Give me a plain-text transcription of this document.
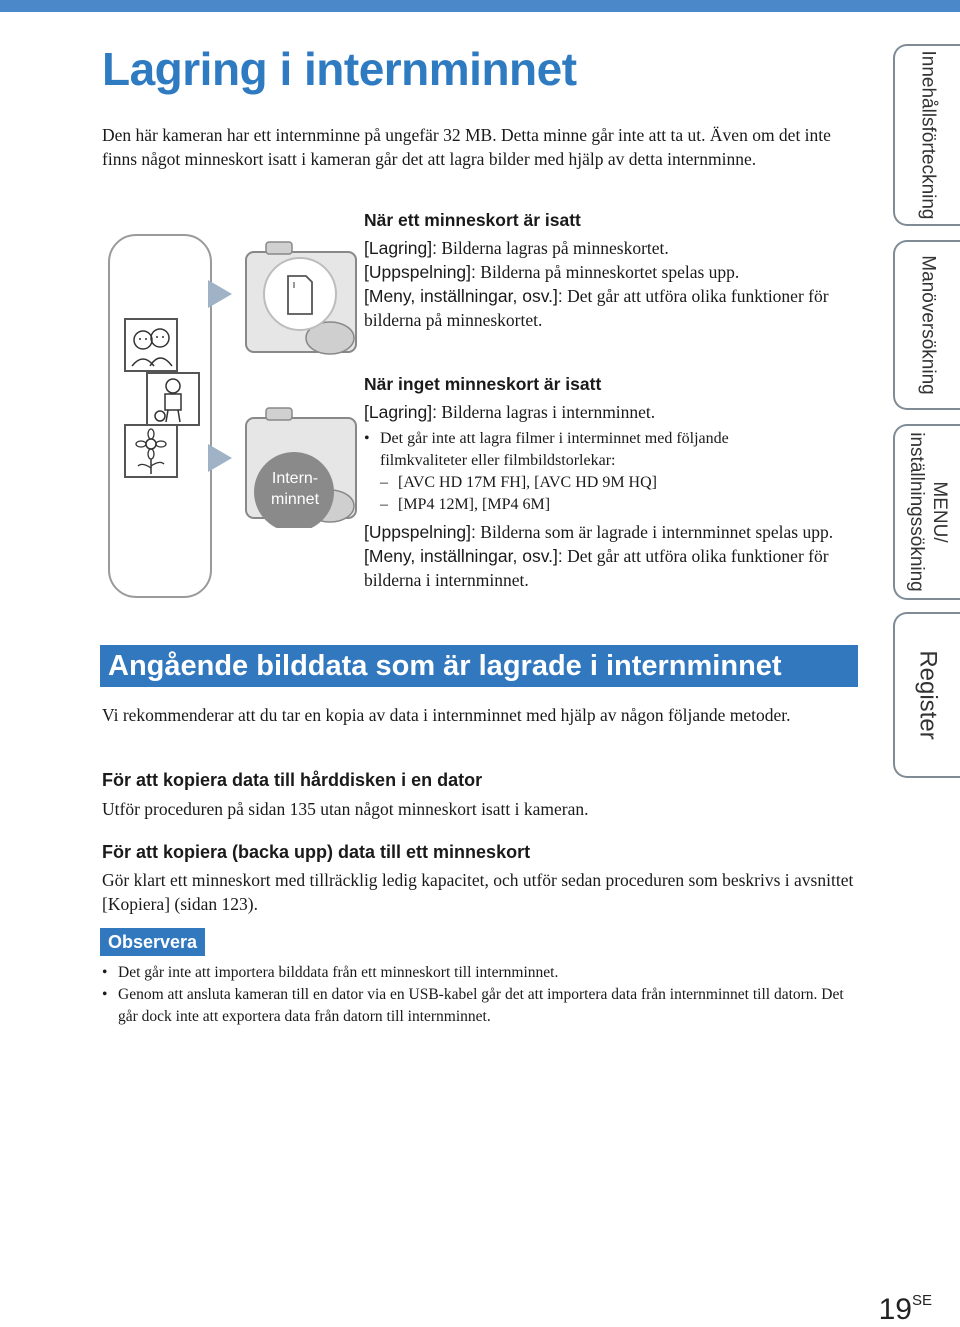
Lagring i internminnet
Den här kameran har ett internminne på ungefär 32 MB. Detta minne går inte att ta ut. Även om det inte finns något minneskort isatt i kameran går det att lagra bilder med hjälp av detta internminne.
Intern-
minnet
När ett minneskort är isatt
[Lagring]: Bilderna lagras på minneskortet.
[Uppspelning]: Bilderna på minneskortet spelas upp.
[Meny, inställningar, osv.]: Det går att utföra olika funktioner för bilderna på minneskortet.
När inget minneskort är isatt
[Lagring]: Bilderna lagras i internminnet.
• Det går inte att lagra filmer i interminnet med följande
filmkvaliteter eller filmbildstorlekar:
– [AVC HD 17M FH], [AVC HD 9M HQ]
– [MP4 12M], [MP4 6M]
[Uppspelning]: Bilderna som är lagrade i internminnet spelas upp.
[Meny, inställningar, osv.]: Det går att utföra olika funktioner för bilderna i internminnet.
Angående bilddata som är lagrade i internminnet
Vi rekommenderar att du tar en kopia av data i internminnet med hjälp av någon följande metoder.
För att kopiera data till hårddisken i en dator
Utför proceduren på sidan 135 utan något minneskort isatt i kameran.
För att kopiera (backa upp) data till ett minneskort
Gör klart ett minneskort med tillräcklig ledig kapacitet, och utför sedan proceduren som beskrivs i avsnittet [Kopiera] (sidan 123).
Observera
• Det går inte att importera bilddata från ett minneskort till internminnet.
• Genom att ansluta kameran till en dator via en USB-kabel går det att importera data från internminnet till datorn. Det går dock inte att exportera data från datorn till internminnet.
Innehållsförteckning
Manöversökning
MENU/
inställningssökning
Register
$19^{SE}$
